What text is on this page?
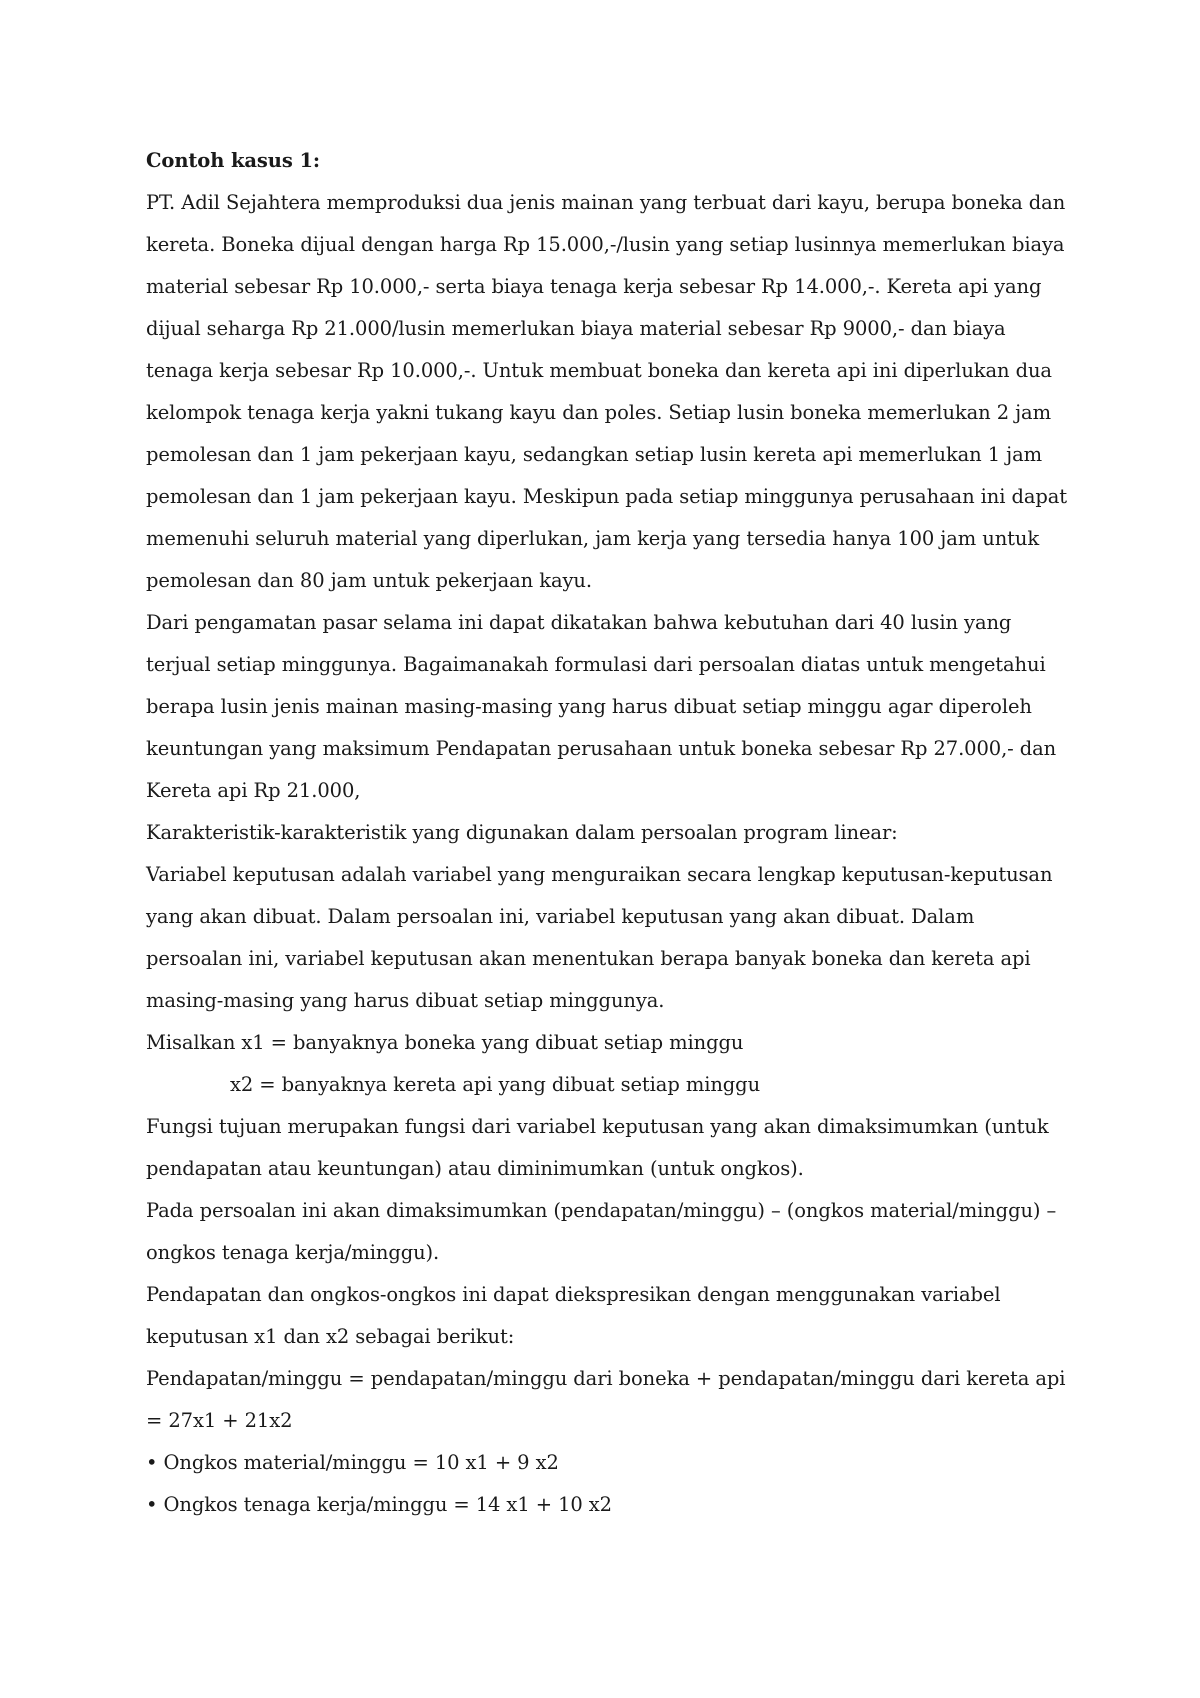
Contoh kasus 1:

PT. Adil Sejahtera memproduksi dua jenis mainan yang terbuat dari kayu, berupa boneka dan kereta. Boneka dijual dengan harga Rp 15.000,-/lusin yang setiap lusinnya memerlukan biaya material sebesar Rp 10.000,- serta biaya tenaga kerja sebesar Rp 14.000,-. Kereta api yang dijual seharga Rp 21.000/lusin memerlukan biaya material sebesar Rp 9000,- dan biaya tenaga kerja sebesar Rp 10.000,-. Untuk membuat boneka dan kereta api ini diperlukan dua kelompok tenaga kerja yakni tukang kayu dan poles. Setiap lusin boneka memerlukan 2 jam pemolesan dan 1 jam pekerjaan kayu, sedangkan setiap lusin kereta api memerlukan 1 jam pemolesan dan 1 jam pekerjaan kayu. Meskipun pada setiap minggunya perusahaan ini dapat memenuhi seluruh material yang diperlukan, jam kerja yang tersedia hanya 100 jam untuk pemolesan dan 80 jam untuk pekerjaan kayu.

Dari pengamatan pasar selama ini dapat dikatakan bahwa kebutuhan dari 40 lusin yang terjual setiap minggunya. Bagaimanakah formulasi dari persoalan diatas untuk mengetahui berapa lusin jenis mainan masing-masing yang harus dibuat setiap minggu agar diperoleh keuntungan yang maksimum Pendapatan perusahaan untuk boneka sebesar Rp 27.000,- dan Kereta api Rp 21.000,

Karakteristik-karakteristik yang digunakan dalam persoalan program linear:

Variabel keputusan adalah variabel yang menguraikan secara lengkap keputusan-keputusan yang akan dibuat. Dalam persoalan ini, variabel keputusan yang akan dibuat. Dalam persoalan ini, variabel keputusan akan menentukan berapa banyak boneka dan kereta api masing-masing yang harus dibuat setiap minggunya.

Misalkan x1 = banyaknya boneka yang dibuat setiap minggu

x2 = banyaknya kereta api yang dibuat setiap minggu

Fungsi tujuan merupakan fungsi dari variabel keputusan yang akan dimaksimumkan (untuk pendapatan atau keuntungan) atau diminimumkan (untuk ongkos).

Pada persoalan ini akan dimaksimumkan (pendapatan/minggu) – (ongkos material/minggu) – ongkos tenaga kerja/minggu).

Pendapatan dan ongkos-ongkos ini dapat diekspresikan dengan menggunakan variabel keputusan x1 dan x2 sebagai berikut:

Pendapatan/minggu = pendapatan/minggu dari boneka + pendapatan/minggu dari kereta api = 27x1 + 21x2

• Ongkos material/minggu = 10 x1 + 9 x2

• Ongkos tenaga kerja/minggu = 14 x1 + 10 x2
